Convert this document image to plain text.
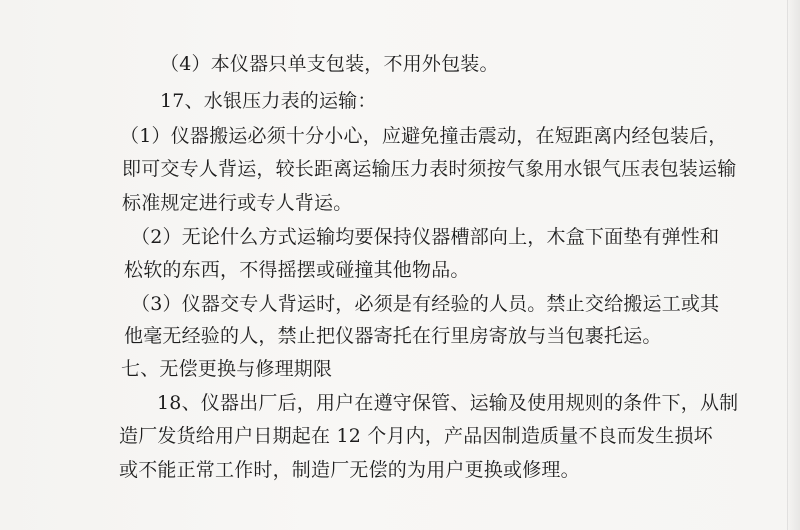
（4）本仪器只单支包装，不用外包装。
17、水银压力表的运输：
（1）仪器搬运必须十分小心，应避免撞击震动，在短距离内经包装后，
即可交专人背运，较长距离运输压力表时须按气象用水银气压表包装运输
标准规定进行或专人背运。
（2）无论什么方式运输均要保持仪器槽部向上，木盒下面垫有弹性和
松软的东西，不得摇摆或碰撞其他物品。
（3）仪器交专人背运时，必须是有经验的人员。禁止交给搬运工或其
他毫无经验的人，禁止把仪器寄托在行里房寄放与当包裹托运。
七、无偿更换与修理期限
18、仪器出厂后，用户在遵守保管、运输及使用规则的条件下，从制
造厂发货给用户日期起在 12 个月内，产品因制造质量不良而发生损坏
或不能正常工作时，制造厂无偿的为用户更换或修理。
